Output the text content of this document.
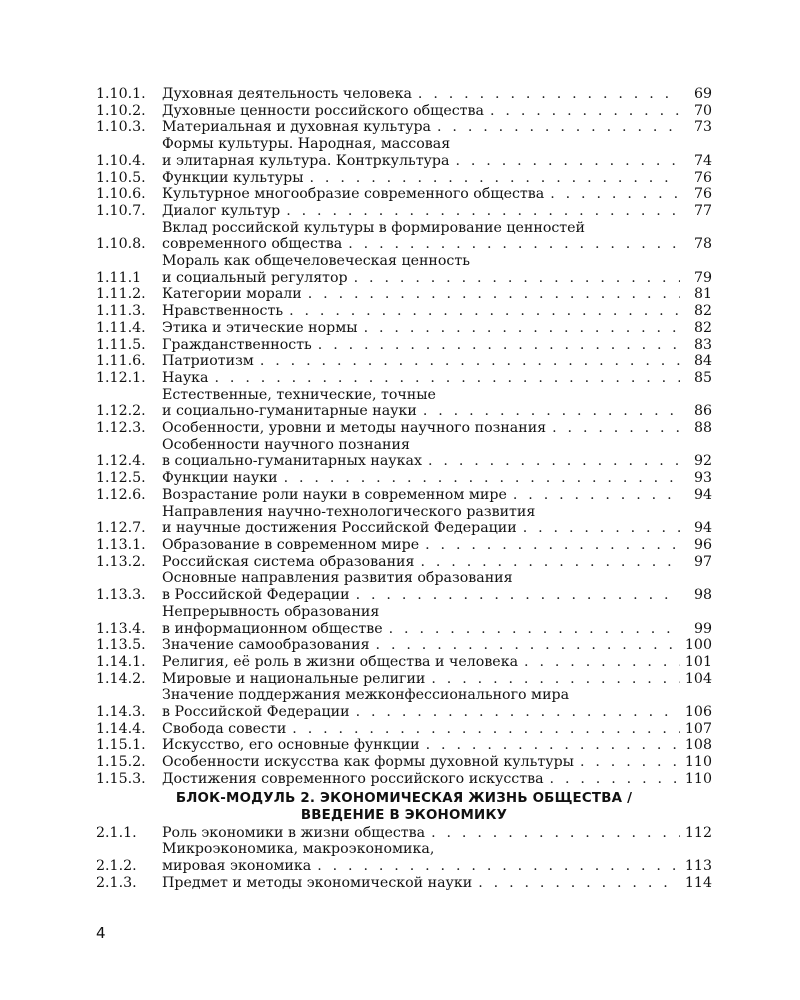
1.10.1.	Духовная деятельность человека . . .	69
1.10.2.	Духовные ценности российского общества . . .	70
1.10.3.	Материальная и духовная культура . . .	73
1.10.4.
Формы культуры. Народная, массовая
и элитарная культура. Контркультура . . .	74
1.10.5.	Функции культуры . . .	76
1.10.6.	Культурное многообразие современного общества . . .	76
1.10.7.	Диалог культур . . .	77
1.10.8.
Вклад российской культуры в формирование ценностей
современного общества . . .	78
1.11.1
Мораль как общечеловеческая ценность
и социальный регулятор . . .	79
1.11.2.	Категории морали . . .	81
1.11.3.	Нравственность . . .	82
1.11.4.	Этика и этические нормы . . .	82
1.11.5.	Гражданственность . . .	83
1.11.6.	Патриотизм . . .	84
1.12.1.	Наука . . .	85
1.12.2.
Естественные, технические, точные
и социально-гуманитарные науки . . .	86
1.12.3.	Особенности, уровни и методы научного познания . . .	88
1.12.4.
Особенности научного познания
в социально-гуманитарных науках . . .	92
1.12.5.	Функции науки . . .	93
1.12.6.	Возрастание роли науки в современном мире . . .	94
1.12.7.
Направления научно-технологического развития
и научные достижения Российской Федерации . . .	94
1.13.1.	Образование в современном мире . . .	96
1.13.2.	Российская система образования . . .	97
1.13.3.
Основные направления развития образования
в Российской Федерации . . .	98
1.13.4.
Непрерывность образования
в информационном обществе . . .	99
1.13.5.	Значение самообразования . . .	100
1.14.1.	Религия, её роль в жизни общества и человека . . .	101
1.14.2.	Мировые и национальные религии . . .	104
1.14.3.
Значение поддержания межконфессионального мира
в Российской Федерации . . .	106
1.14.4.	Свобода совести . . .	107
1.15.1.	Искусство, его основные функции . . .	108
1.15.2.	Особенности искусства как формы духовной культуры . . .	110
1.15.3.	Достижения современного российского искусства . . .	110
БЛОК-МОДУЛЬ 2. ЭКОНОМИЧЕСКАЯ ЖИЗНЬ ОБЩЕСТВА /
ВВЕДЕНИЕ В ЭКОНОМИКУ
2.1.1.	Роль экономики в жизни общества . . .	112
2.1.2.
Микроэкономика, макроэкономика,
мировая экономика . . .	113
2.1.3.	Предмет и методы экономической науки . . .	114
4
